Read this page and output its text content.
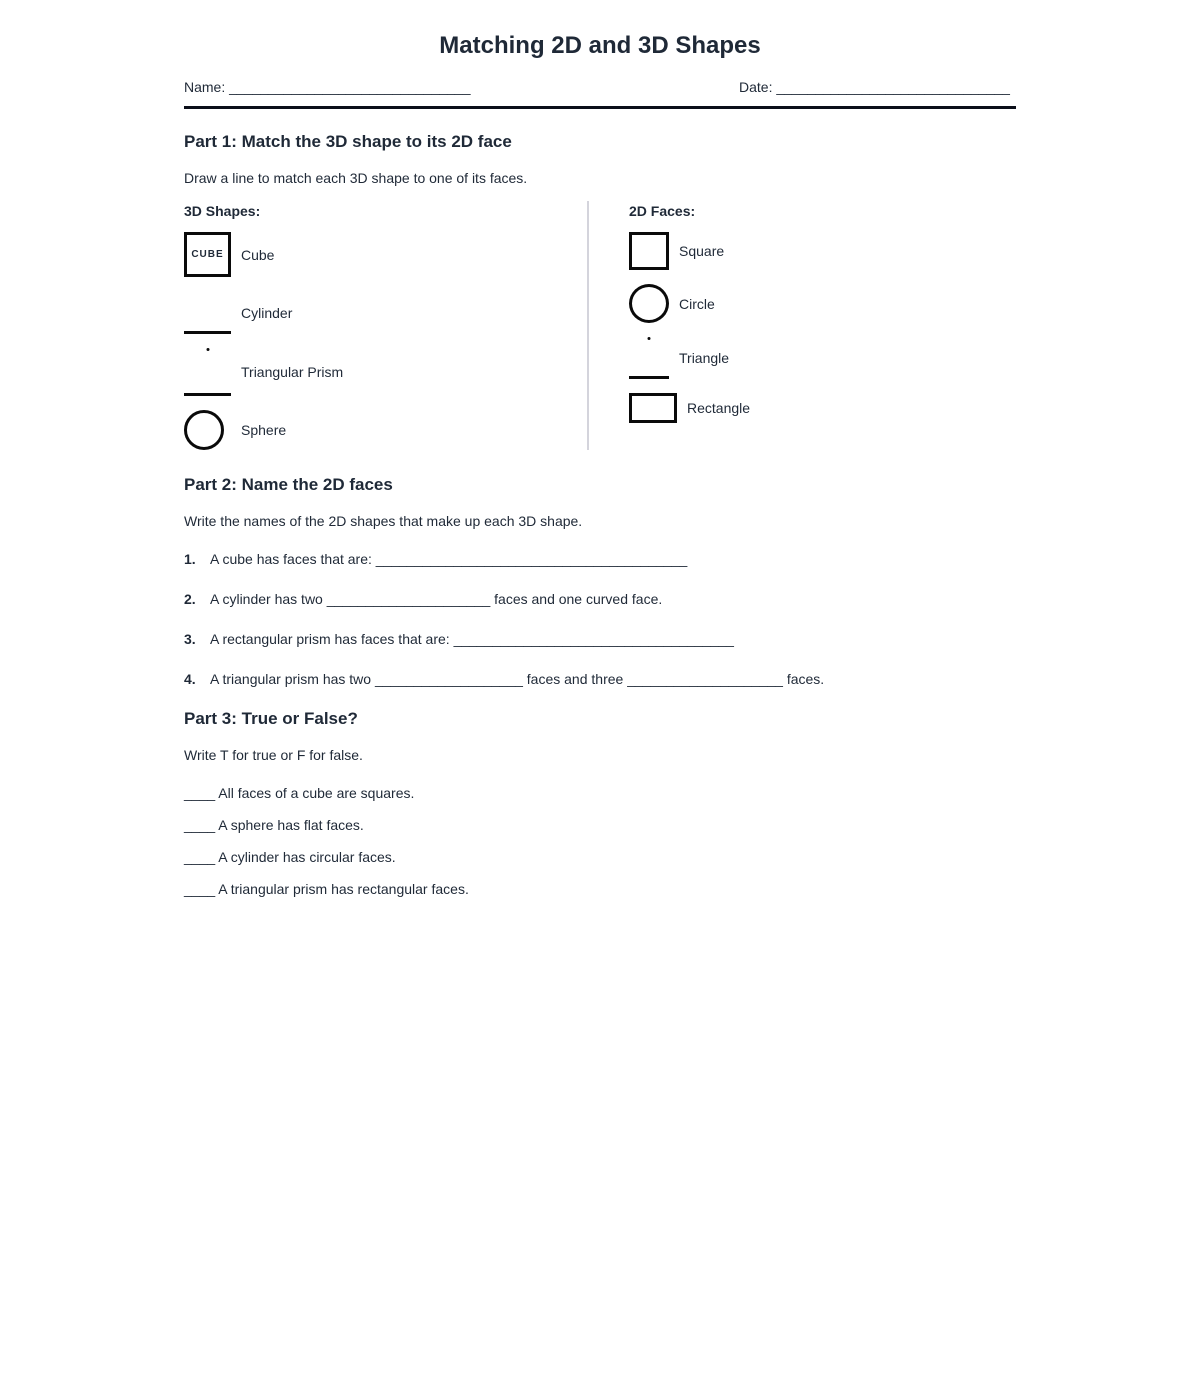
Matching 2D and 3D Shapes
Name: _______________________________	Date: ______________________________
Part 1: Match the 3D shape to its 2D face
Draw a line to match each 3D shape to one of its faces.
3D Shapes:
CUBE Cube
Cylinder
Triangular Prism
Sphere
2D Faces:
Square
Circle
Triangle
Rectangle
Part 2: Name the 2D faces
Write the names of the 2D shapes that make up each 3D shape.
1.	A cube has faces that are: ________________________________________
2.	A cylinder has two _____________________ faces and one curved face.
3.	A rectangular prism has faces that are: ____________________________________
4.	A triangular prism has two ___________________ faces and three ____________________ faces.
Part 3: True or False?
Write T for true or F for false.
____ All faces of a cube are squares.
____ A sphere has flat faces.
____ A cylinder has circular faces.
____ A triangular prism has rectangular faces.
